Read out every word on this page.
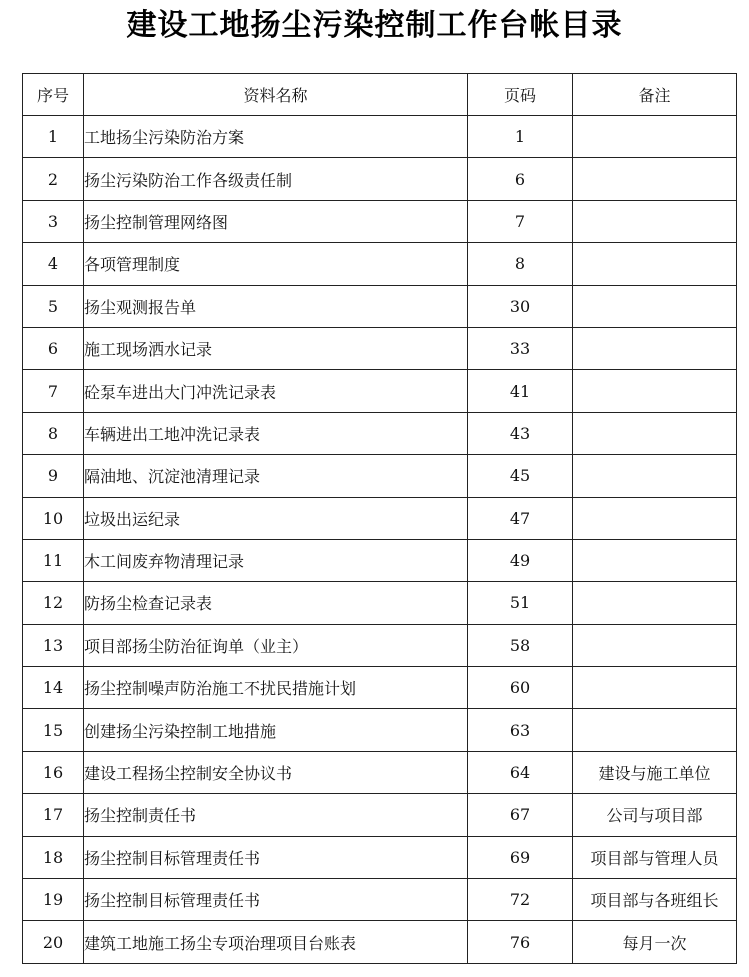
建设工地扬尘污染控制工作台帐目录
序号	资料名称	页码	备注
1	工地扬尘污染防治方案	1	
2	扬尘污染防治工作各级责任制	6	
3	扬尘控制管理网络图	7	
4	各项管理制度	8	
5	扬尘观测报告单	30	
6	施工现场洒水记录	33	
7	砼泵车进出大门冲洗记录表	41	
8	车辆进出工地冲洗记录表	43	
9	隔油地、沉淀池清理记录	45	
10	垃圾出运纪录	47	
11	木工间废弃物清理记录	49	
12	防扬尘检查记录表	51	
13	项目部扬尘防治征询单（业主）	58	
14	扬尘控制噪声防治施工不扰民措施计划	60	
15	创建扬尘污染控制工地措施	63	
16	建设工程扬尘控制安全协议书	64	建设与施工单位
17	扬尘控制责任书	67	公司与项目部
18	扬尘控制目标管理责任书	69	项目部与管理人员
19	扬尘控制目标管理责任书	72	项目部与各班组长
20	建筑工地施工扬尘专项治理项目台账表	76	每月一次
